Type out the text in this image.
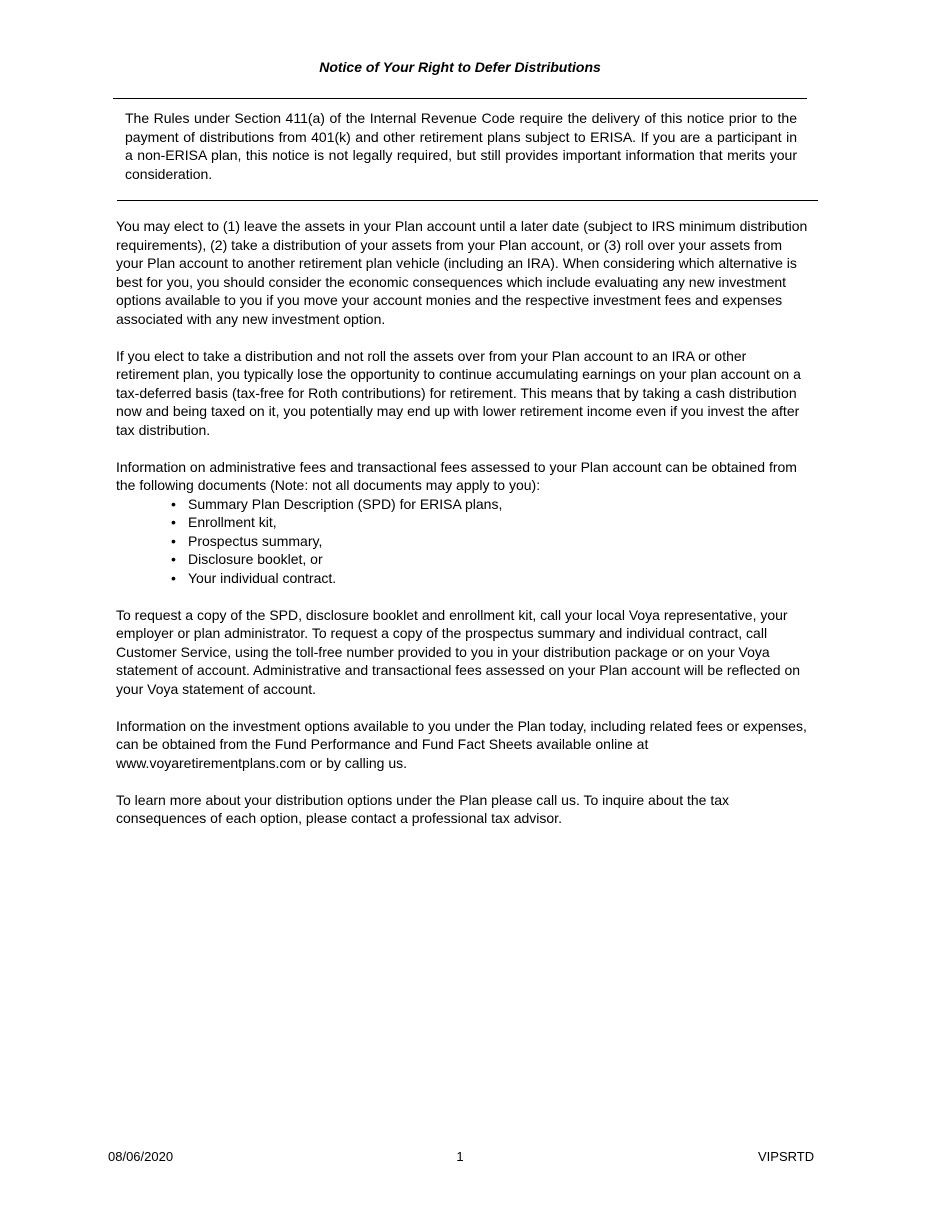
Notice of Your Right to Defer Distributions
The Rules under Section 411(a) of the Internal Revenue Code require the delivery of this notice prior to the payment of distributions from 401(k) and other retirement plans subject to ERISA. If you are a participant in a non-ERISA plan, this notice is not legally required, but still provides important information that merits your consideration.

You may elect to (1) leave the assets in your Plan account until a later date (subject to IRS minimum distribution requirements), (2) take a distribution of your assets from your Plan account, or (3) roll over your assets from your Plan account to another retirement plan vehicle (including an IRA). When considering which alternative is best for you, you should consider the economic consequences which include evaluating any new investment options available to you if you move your account monies and the respective investment fees and expenses associated with any new investment option.

If you elect to take a distribution and not roll the assets over from your Plan account to an IRA or other retirement plan, you typically lose the opportunity to continue accumulating earnings on your plan account on a tax-deferred basis (tax-free for Roth contributions) for retirement. This means that by taking a cash distribution now and being taxed on it, you potentially may end up with lower retirement income even if you invest the after tax distribution.

Information on administrative fees and transactional fees assessed to your Plan account can be obtained from the following documents (Note: not all documents may apply to you):

• Summary Plan Description (SPD) for ERISA plans,
• Enrollment kit,
• Prospectus summary,
• Disclosure booklet, or
• Your individual contract.

To request a copy of the SPD, disclosure booklet and enrollment kit, call your local Voya representative, your employer or plan administrator. To request a copy of the prospectus summary and individual contract, call Customer Service, using the toll-free number provided to you in your distribution package or on your Voya statement of account. Administrative and transactional fees assessed on your Plan account will be reflected on your Voya statement of account.

Information on the investment options available to you under the Plan today, including related fees or expenses, can be obtained from the Fund Performance and Fund Fact Sheets available online at www.voyaretirementplans.com or by calling us.

To learn more about your distribution options under the Plan please call us. To inquire about the tax consequences of each option, please contact a professional tax advisor.

08/06/2020	1	VIPSRTD
